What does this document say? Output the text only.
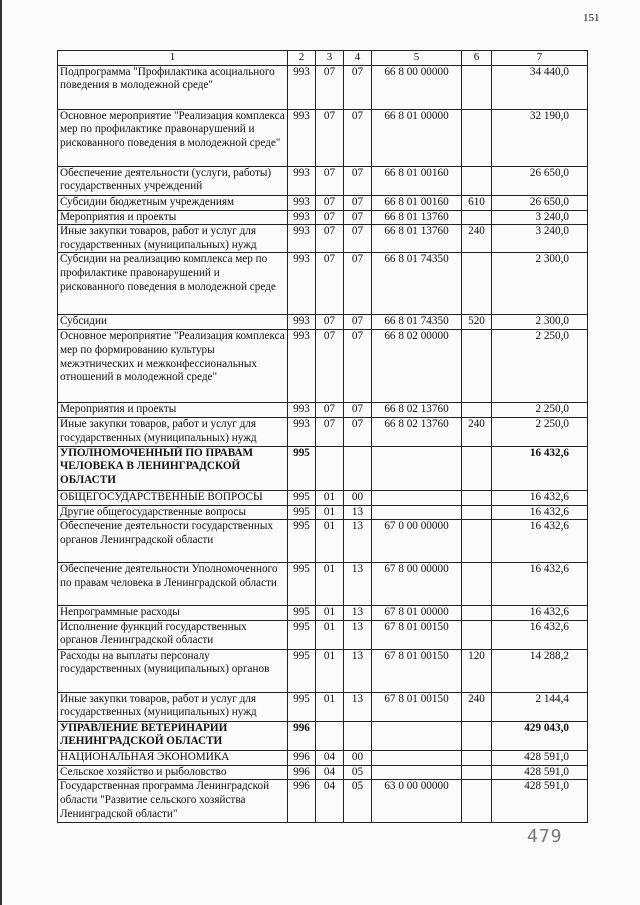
151
1	2	3	4	5	6	7
Подпрограмма "Профилактика асоциального поведения в молодежной среде"	993	07	07	66 8 00 00000		34 440,0
Основное мероприятие "Реализация комплекса мер по профилактике правонарушений и рискованного поведения в молодежной среде"	993	07	07	66 8 01 00000		32 190,0
Обеспечение деятельности (услуги, работы) государственных учреждений	993	07	07	66 8 01 00160		26 650,0
Субсидии бюджетным учреждениям	993	07	07	66 8 01 00160	610	26 650,0
Мероприятия и проекты	993	07	07	66 8 01 13760		3 240,0
Иные закупки товаров, работ и услуг для государственных (муниципальных) нужд	993	07	07	66 8 01 13760	240	3 240,0
Субсидии на реализацию комплекса мер по профилактике правонарушений и рискованного поведения в молодежной среде	993	07	07	66 8 01 74350		2 300,0
Субсидии	993	07	07	66 8 01 74350	520	2 300,0
Основное мероприятие "Реализация комплекса мер по формированию культуры межэтнических и межконфессиональных отношений в молодежной среде"	993	07	07	66 8 02 00000		2 250,0
Мероприятия и проекты	993	07	07	66 8 02 13760		2 250,0
Иные закупки товаров, работ и услуг для государственных (муниципальных) нужд	993	07	07	66 8 02 13760	240	2 250,0
УПОЛНОМОЧЕННЫЙ ПО ПРАВАМ ЧЕЛОВЕКА В ЛЕНИНГРАДСКОЙ ОБЛАСТИ	995					16 432,6
ОБЩЕГОСУДАРСТВЕННЫЕ ВОПРОСЫ	995	01	00			16 432,6
Другие общегосударственные вопросы	995	01	13			16 432,6
Обеспечение деятельности государственных органов Ленинградской области	995	01	13	67 0 00 00000		16 432,6
Обеспечение деятельности Уполномоченного по правам человека в Ленинградской области	995	01	13	67 8 00 00000		16 432,6
Непрограммные расходы	995	01	13	67 8 01 00000		16 432,6
Исполнение функций государственных органов Ленинградской области	995	01	13	67 8 01 00150		16 432,6
Расходы на выплаты персоналу государственных (муниципальных) органов	995	01	13	67 8 01 00150	120	14 288,2
Иные закупки товаров, работ и услуг для государственных (муниципальных) нужд	995	01	13	67 8 01 00150	240	2 144,4
УПРАВЛЕНИЕ ВЕТЕРИНАРИИ ЛЕНИНГРАДСКОЙ ОБЛАСТИ	996					429 043,0
НАЦИОНАЛЬНАЯ ЭКОНОМИКА	996	04	00			428 591,0
Сельское хозяйство и рыболовство	996	04	05			428 591,0
Государственная программа Ленинградской области "Развитие сельского хозяйства Ленинградской области"	996	04	05	63 0 00 00000		428 591,0
479
